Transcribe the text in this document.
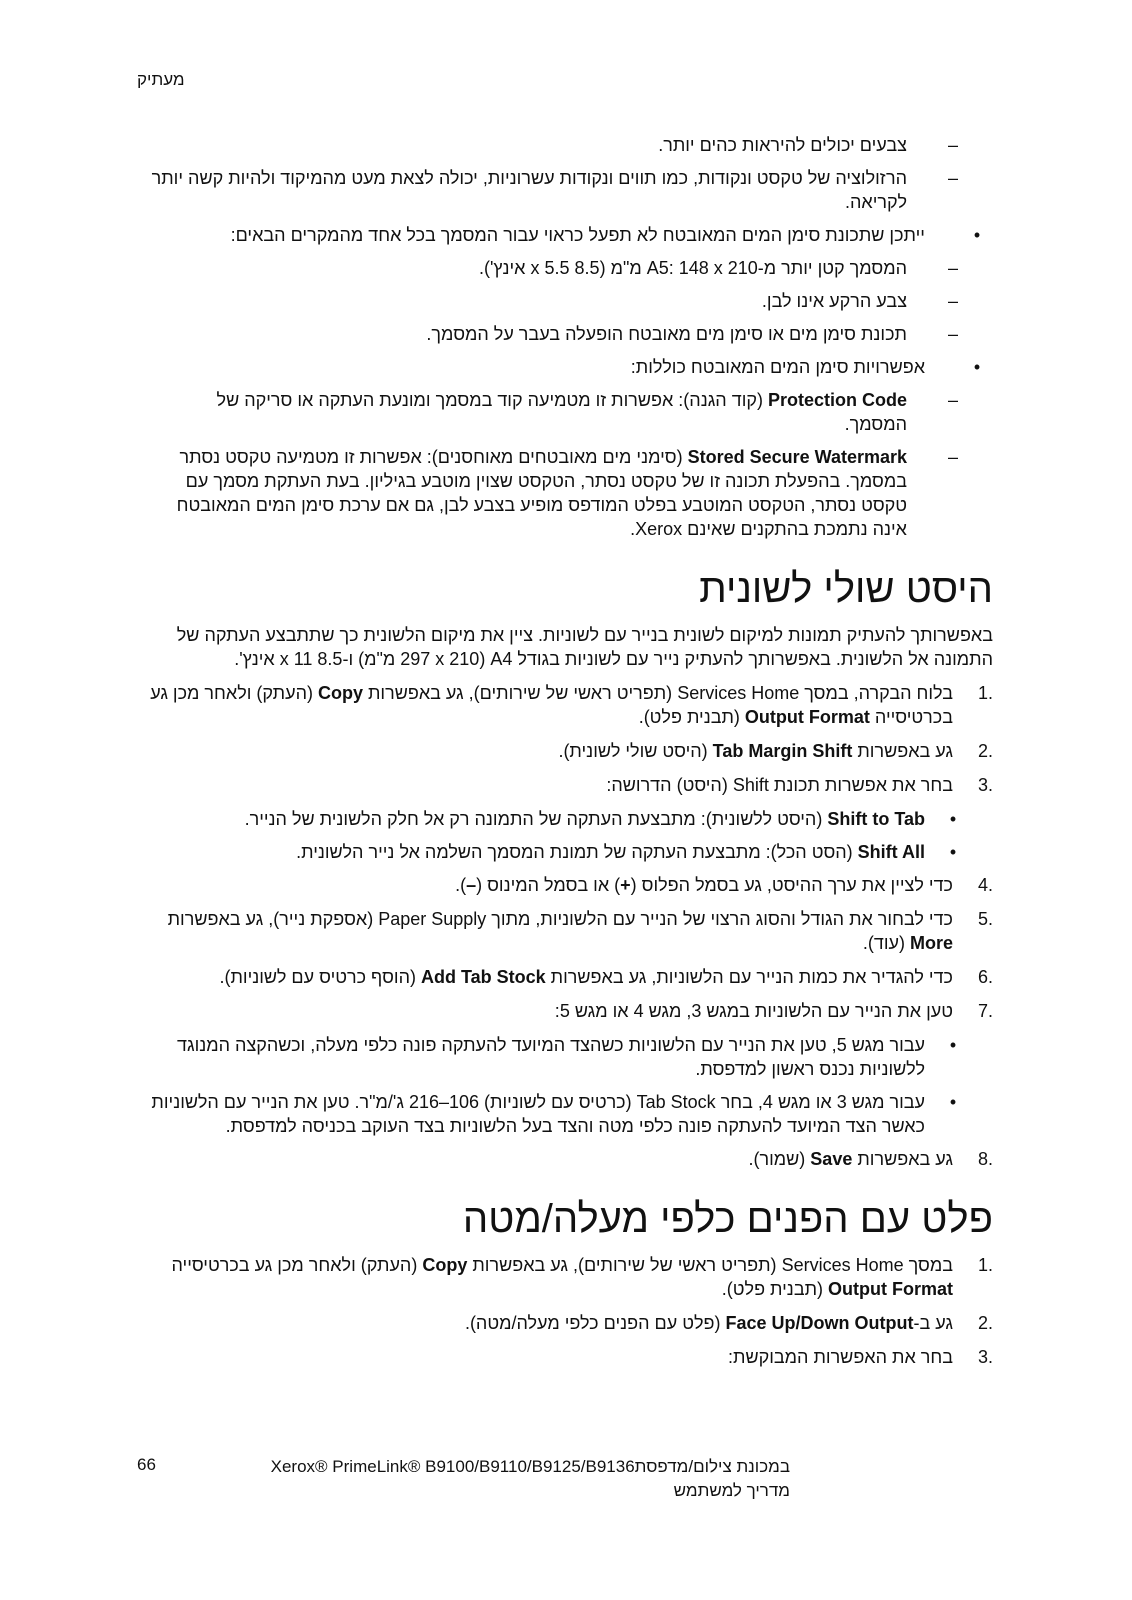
מעתיק
–
צבעים יכולים להיראות כהים יותר.
–
הרזולוציה של טקסט ונקודות, כמו תווים ונקודות עשרוניות, יכולה לצאת מעט מהמיקוד ולהיות קשה יותר לקריאה.
•
ייתכן שתכונת סימן המים המאובטח לא תפעל כראוי עבור המסמך בכל אחד מהמקרים הבאים:
–
המסמך קטן יותר מ-A5: 148 x 210 מ"מ (8.5 x 5.5 אינץ').
–
צבע הרקע אינו לבן.
–
תכונת סימן מים או סימן מים מאובטח הופעלה בעבר על המסמך.
•
אפשרויות סימן המים המאובטח כוללות:
–
Protection Code (קוד הגנה): אפשרות זו מטמיעה קוד במסמך ומונעת העתקה או סריקה של המסמך.
–
Stored Secure Watermark (סימני מים מאובטחים מאוחסנים): אפשרות זו מטמיעה טקסט נסתר במסמך. בהפעלת תכונה זו של טקסט נסתר, הטקסט שצוין מוטבע בגיליון. בעת העתקת מסמך עם טקסט נסתר, הטקסט המוטבע בפלט המודפס מופיע בצבע לבן, גם אם ערכת סימן המים המאובטח אינה נתמכת בהתקנים שאינם Xerox.
היסט שולי לשונית

באפשרותך להעתיק תמונות למיקום לשונית בנייר עם לשוניות. ציין את מיקום הלשונית כך שתתבצע העתקה של התמונה אל הלשונית. באפשרותך להעתיק נייר עם לשוניות בגודל A4 (297 x 210 מ"מ) ו-8.5 x 11 אינץ'.

1.
בלוח הבקרה, במסך Services Home (תפריט ראשי של שירותים), גע באפשרות Copy (העתק) ולאחר מכן גע בכרטיסייה Output Format (תבנית פלט).
2.
גע באפשרות Tab Margin Shift (היסט שולי לשונית).
3.
בחר את אפשרות תכונת Shift (היסט) הדרושה:
•
Shift to Tab (היסט ללשונית): מתבצעת העתקה של התמונה רק אל חלק הלשונית של הנייר.
•
Shift All (הסט הכל): מתבצעת העתקה של תמונת המסמך השלמה אל נייר הלשונית.
4.
כדי לציין את ערך ההיסט, גע בסמל הפלוס (+) או בסמל המינוס (–).
5.
כדי לבחור את הגודל והסוג הרצוי של הנייר עם הלשוניות, מתוך Paper Supply (אספקת נייר), גע באפשרות More (עוד).
6.
כדי להגדיר את כמות הנייר עם הלשוניות, גע באפשרות Add Tab Stock (הוסף כרטיס עם לשוניות).
7.
טען את הנייר עם הלשוניות במגש 3, מגש 4 או מגש 5:
•
עבור מגש 5, טען את הנייר עם הלשוניות כשהצד המיועד להעתקה פונה כלפי מעלה, וכשהקצה המנוגד ללשוניות נכנס ראשון למדפסת.
•
עבור מגש 3 או מגש 4, בחר Tab Stock (כרטיס עם לשוניות) 106–216 ג'/מ"ר. טען את הנייר עם הלשוניות כאשר הצד המיועד להעתקה פונה כלפי מטה והצד בעל הלשוניות בצד העוקב בכניסה למדפסת.
8.
גע באפשרות Save (שמור).
פלט עם הפנים כלפי מעלה/מטה
1.
במסך Services Home (תפריט ראשי של שירותים), גע באפשרות Copy (העתק) ולאחר מכן גע בכרטיסייה Output Format (תבנית פלט).
2.
גע ב-Face Up/Down Output (פלט עם הפנים כלפי מעלה/מטה).
3.
בחר את האפשרות המבוקשת:
66	Xerox® PrimeLink® B9100/B9110/B9125/B9136במכונת צילום/מדפסת
מדריך למשתמש
